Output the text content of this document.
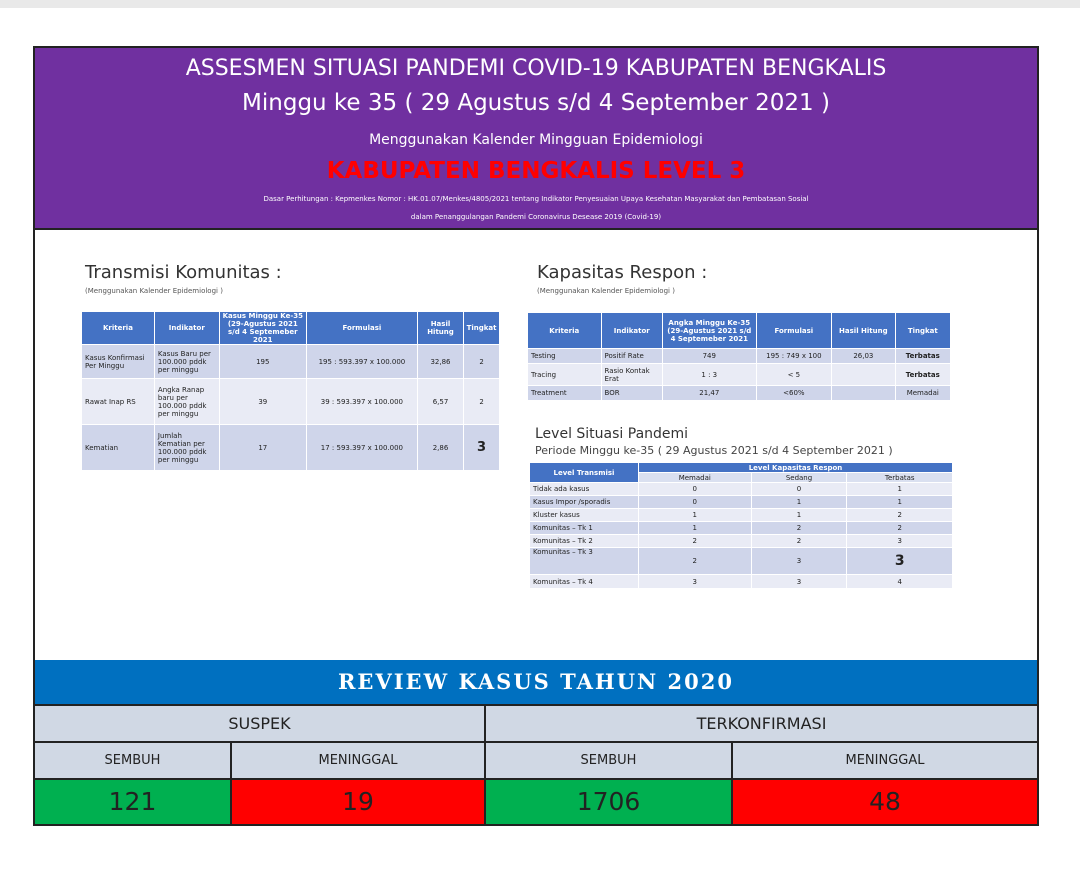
ASSESMEN SITUASI PANDEMI COVID-19 KABUPATEN BENGKALIS
Minggu ke 35 ( 29 Agustus s/d 4 September 2021 )
Menggunakan Kalender Mingguan Epidemiologi
KABUPATEN BENGKALIS LEVEL 3
Dasar Perhitungan : Kepmenkes Nomor : HK.01.07/Menkes/4805/2021 tentang Indikator Penyesuaian Upaya Kesehatan Masyarakat dan Pembatasan Sosial
dalam Penanggulangan Pandemi Coronavirus Desease 2019 (Covid-19)
Transmisi Komunitas :
(Menggunakan Kalender Epidemiologi )
Kriteria	Indikator	Kasus Minggu Ke-35 (29-Agustus 2021 s/d 4 Septemeber 2021	Formulasi	Hasil Hitung	Tingkat
Kasus Konfirmasi Per Minggu	Kasus Baru per 100.000 pddk per minggu	195	195 : 593.397 x 100.000	32,86	2
Rawat Inap RS	Angka Ranap baru per 100.000 pddk per minggu	39	39 : 593.397 x 100.000	6,57	2
Kematian	Jumlah Kematian per 100.000 pddk per minggu	17	17 : 593.397 x 100.000	2,86	3
Kapasitas Respon :
(Menggunakan Kalender Epidemiologi )
Kriteria	Indikator	Angka Minggu Ke-35 (29-Agustus 2021 s/d 4 Septemeber 2021	Formulasi	Hasil Hitung	Tingkat
Testing	Positif Rate	749	195 : 749 x 100	26,03	Terbatas
Tracing	Rasio Kontak Erat	1 : 3	< 5		Terbatas
Treatment	BOR	21,47	<60%		Memadai
Level Situasi Pandemi
Periode Minggu ke-35 ( 29 Agustus 2021 s/d 4 September 2021 )
Level Transmisi	Level Kapasitas Respon		
	Memadai	Sedang	Terbatas
Tidak ada kasus	0	0	1
Kasus Impor /sporadis	0	1	1
Kluster kasus	1	1	2
Komunitas – Tk 1	1	2	2
Komunitas – Tk 2	2	2	3
Komunitas – Tk 3	2	3	3
Komunitas – Tk 4	3	3	4
REVIEW KASUS TAHUN 2020
SUSPEK	TERKONFIRMASI
SEMBUH	MENINGGAL	SEMBUH	MENINGGAL
121	19	1706	48
